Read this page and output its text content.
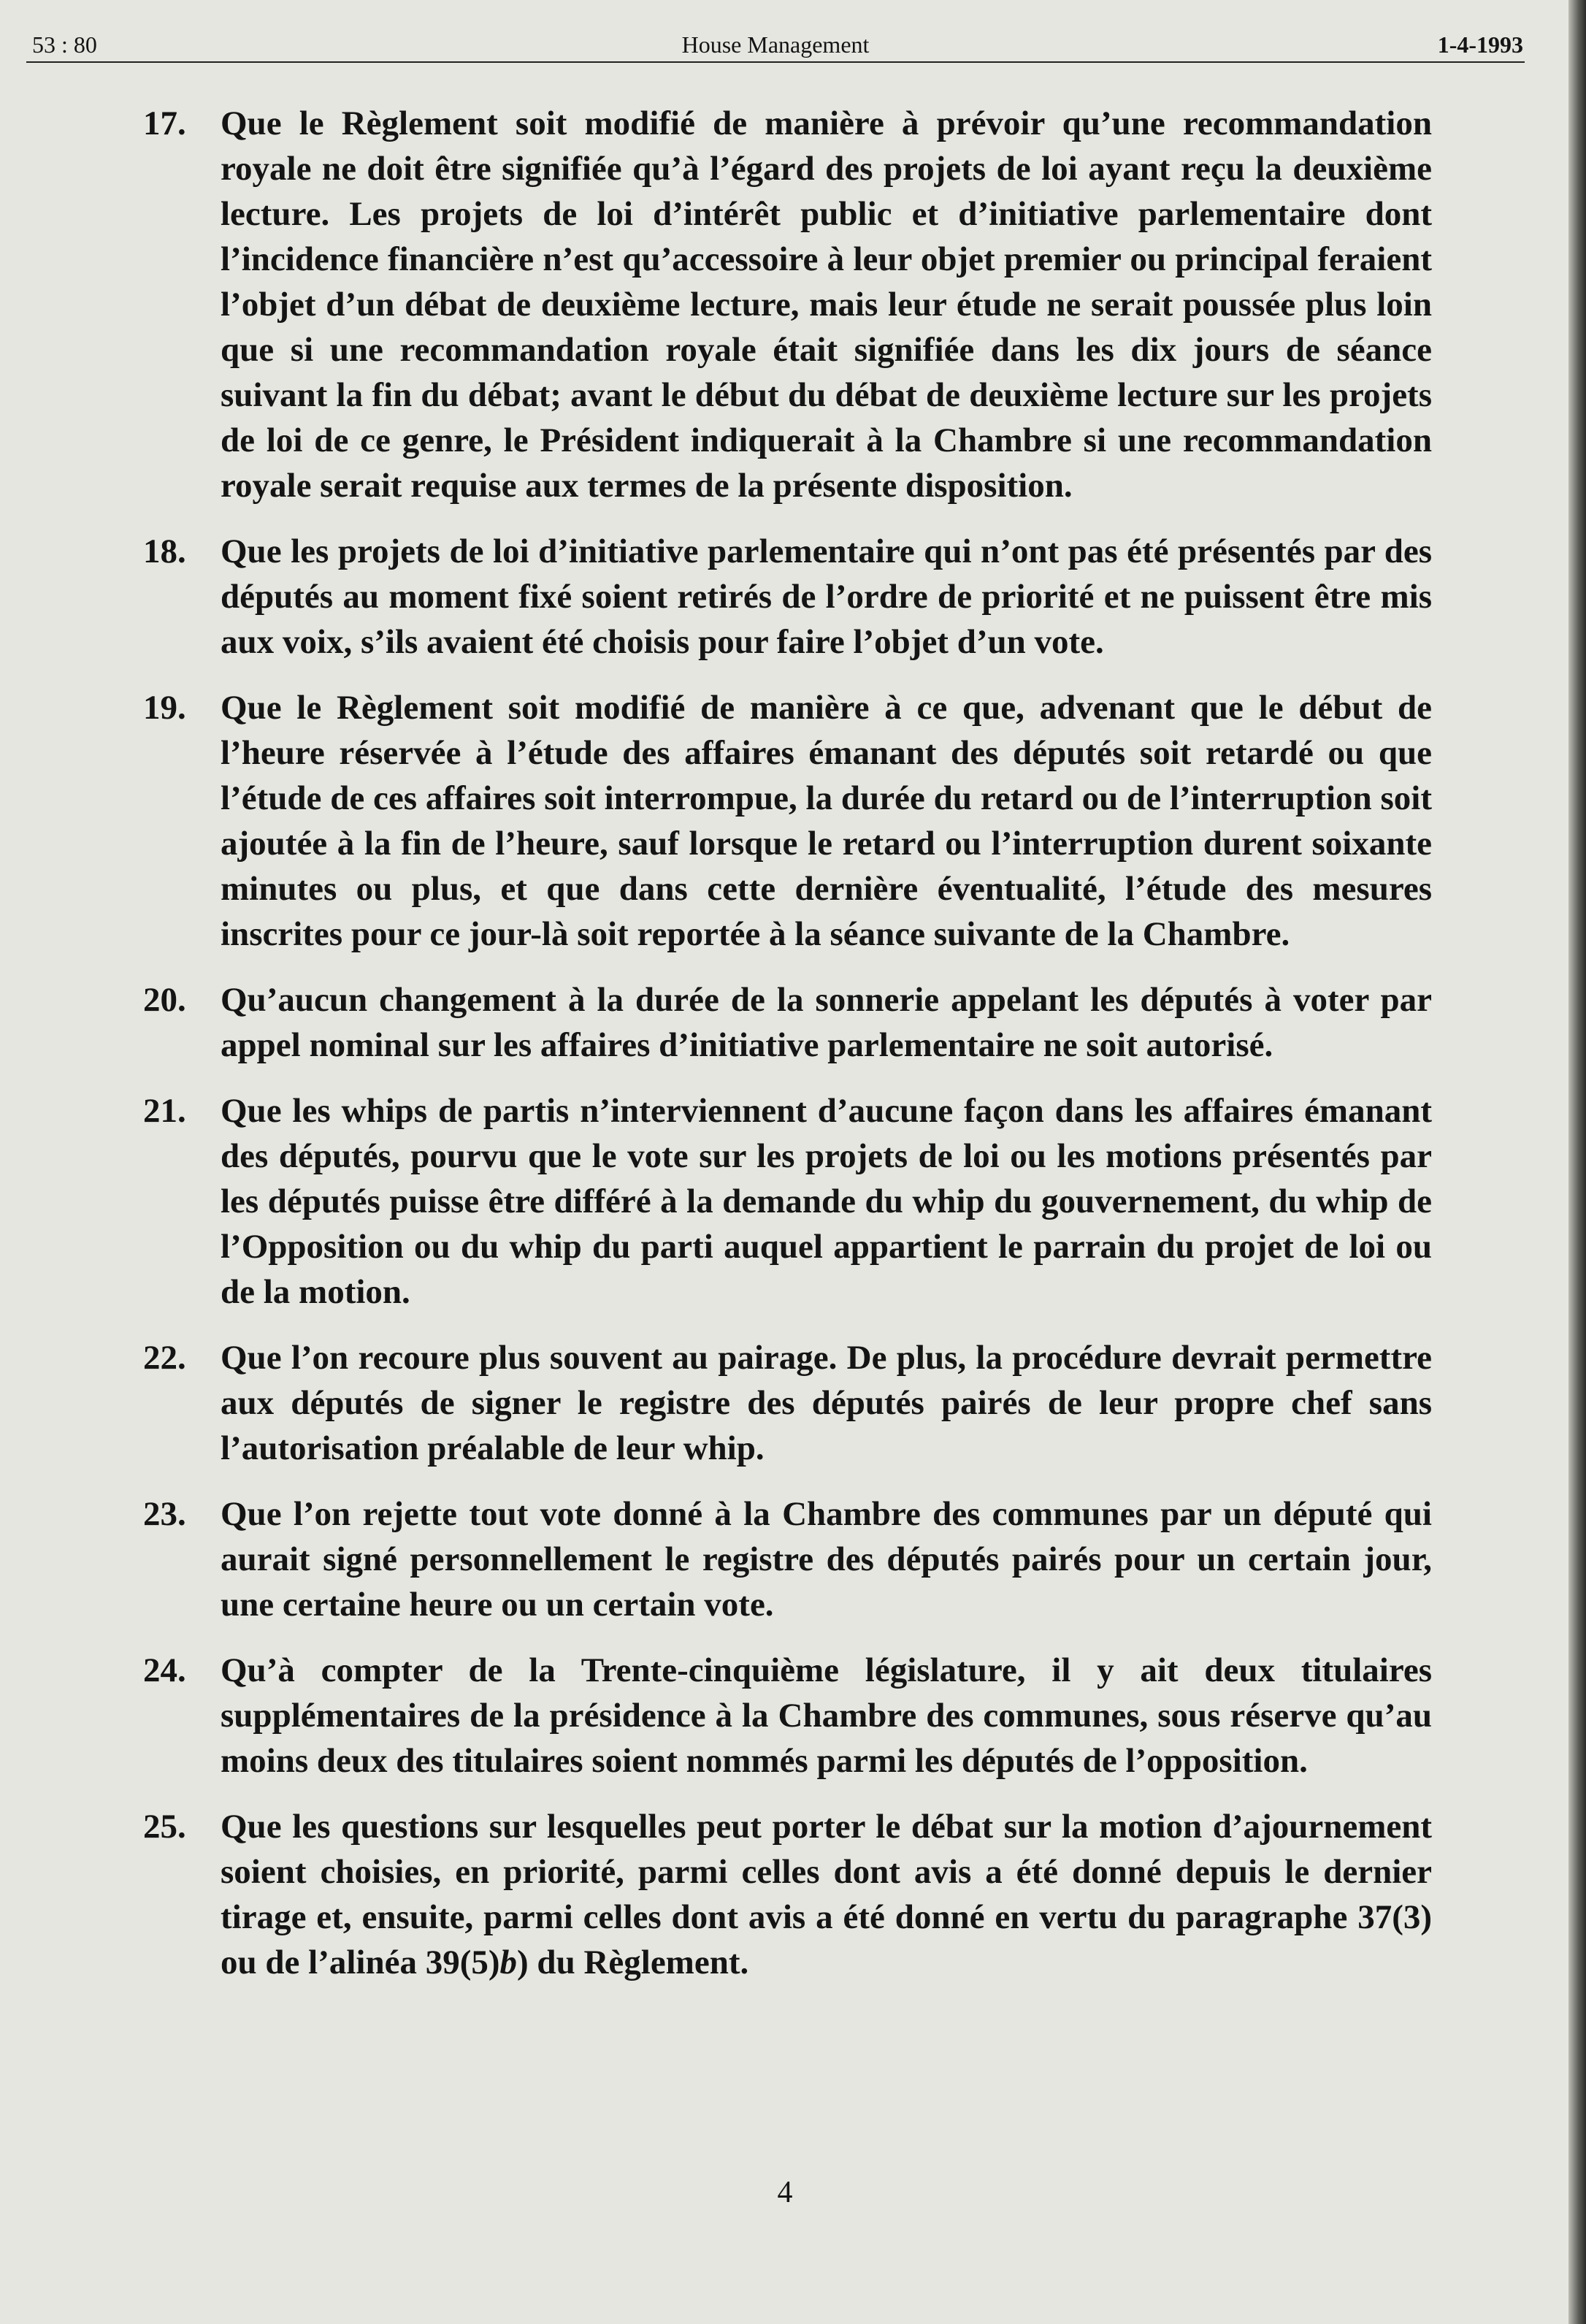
53 : 80	House Management	1-4-1993
17. Que le Règlement soit modifié de manière à prévoir qu’une recommandation royale ne doit être signifiée qu’à l’égard des projets de loi ayant reçu la deuxième lecture. Les projets de loi d’intérêt public et d’initiative parlementaire dont l’incidence financière n’est qu’accessoire à leur objet premier ou principal feraient l’objet d’un débat de deuxième lecture, mais leur étude ne serait poussée plus loin que si une recommandation royale était signifiée dans les dix jours de séance suivant la fin du débat; avant le début du débat de deuxième lecture sur les projets de loi de ce genre, le Président indiquerait à la Chambre si une recommandation royale serait requise aux termes de la présente disposition.
18. Que les projets de loi d’initiative parlementaire qui n’ont pas été présentés par des députés au moment fixé soient retirés de l’ordre de priorité et ne puissent être mis aux voix, s’ils avaient été choisis pour faire l’objet d’un vote.
19. Que le Règlement soit modifié de manière à ce que, advenant que le début de l’heure réservée à l’étude des affaires émanant des députés soit retardé ou que l’étude de ces affaires soit interrompue, la durée du retard ou de l’interruption soit ajoutée à la fin de l’heure, sauf lorsque le retard ou l’interruption durent soixante minutes ou plus, et que dans cette dernière éventualité, l’étude des mesures inscrites pour ce jour-là soit reportée à la séance suivante de la Chambre.
20. Qu’aucun changement à la durée de la sonnerie appelant les députés à voter par appel nominal sur les affaires d’initiative parlementaire ne soit autorisé.
21. Que les whips de partis n’interviennent d’aucune façon dans les affaires émanant des députés, pourvu que le vote sur les projets de loi ou les motions présentés par les députés puisse être différé à la demande du whip du gouvernement, du whip de l’Opposition ou du whip du parti auquel appartient le parrain du projet de loi ou de la motion.
22. Que l’on recoure plus souvent au pairage. De plus, la procédure devrait permettre aux députés de signer le registre des députés pairés de leur propre chef sans l’autorisation préalable de leur whip.
23. Que l’on rejette tout vote donné à la Chambre des communes par un député qui aurait signé personnellement le registre des députés pairés pour un certain jour, une certaine heure ou un certain vote.
24. Qu’à compter de la Trente-cinquième législature, il y ait deux titulaires supplémentaires de la présidence à la Chambre des communes, sous réserve qu’au moins deux des titulaires soient nommés parmi les députés de l’opposition.
25. Que les questions sur lesquelles peut porter le débat sur la motion d’ajournement soient choisies, en priorité, parmi celles dont avis a été donné depuis le dernier tirage et, ensuite, parmi celles dont avis a été donné en vertu du paragraphe 37(3) ou de l’alinéa 39(5)b) du Règlement.
4
